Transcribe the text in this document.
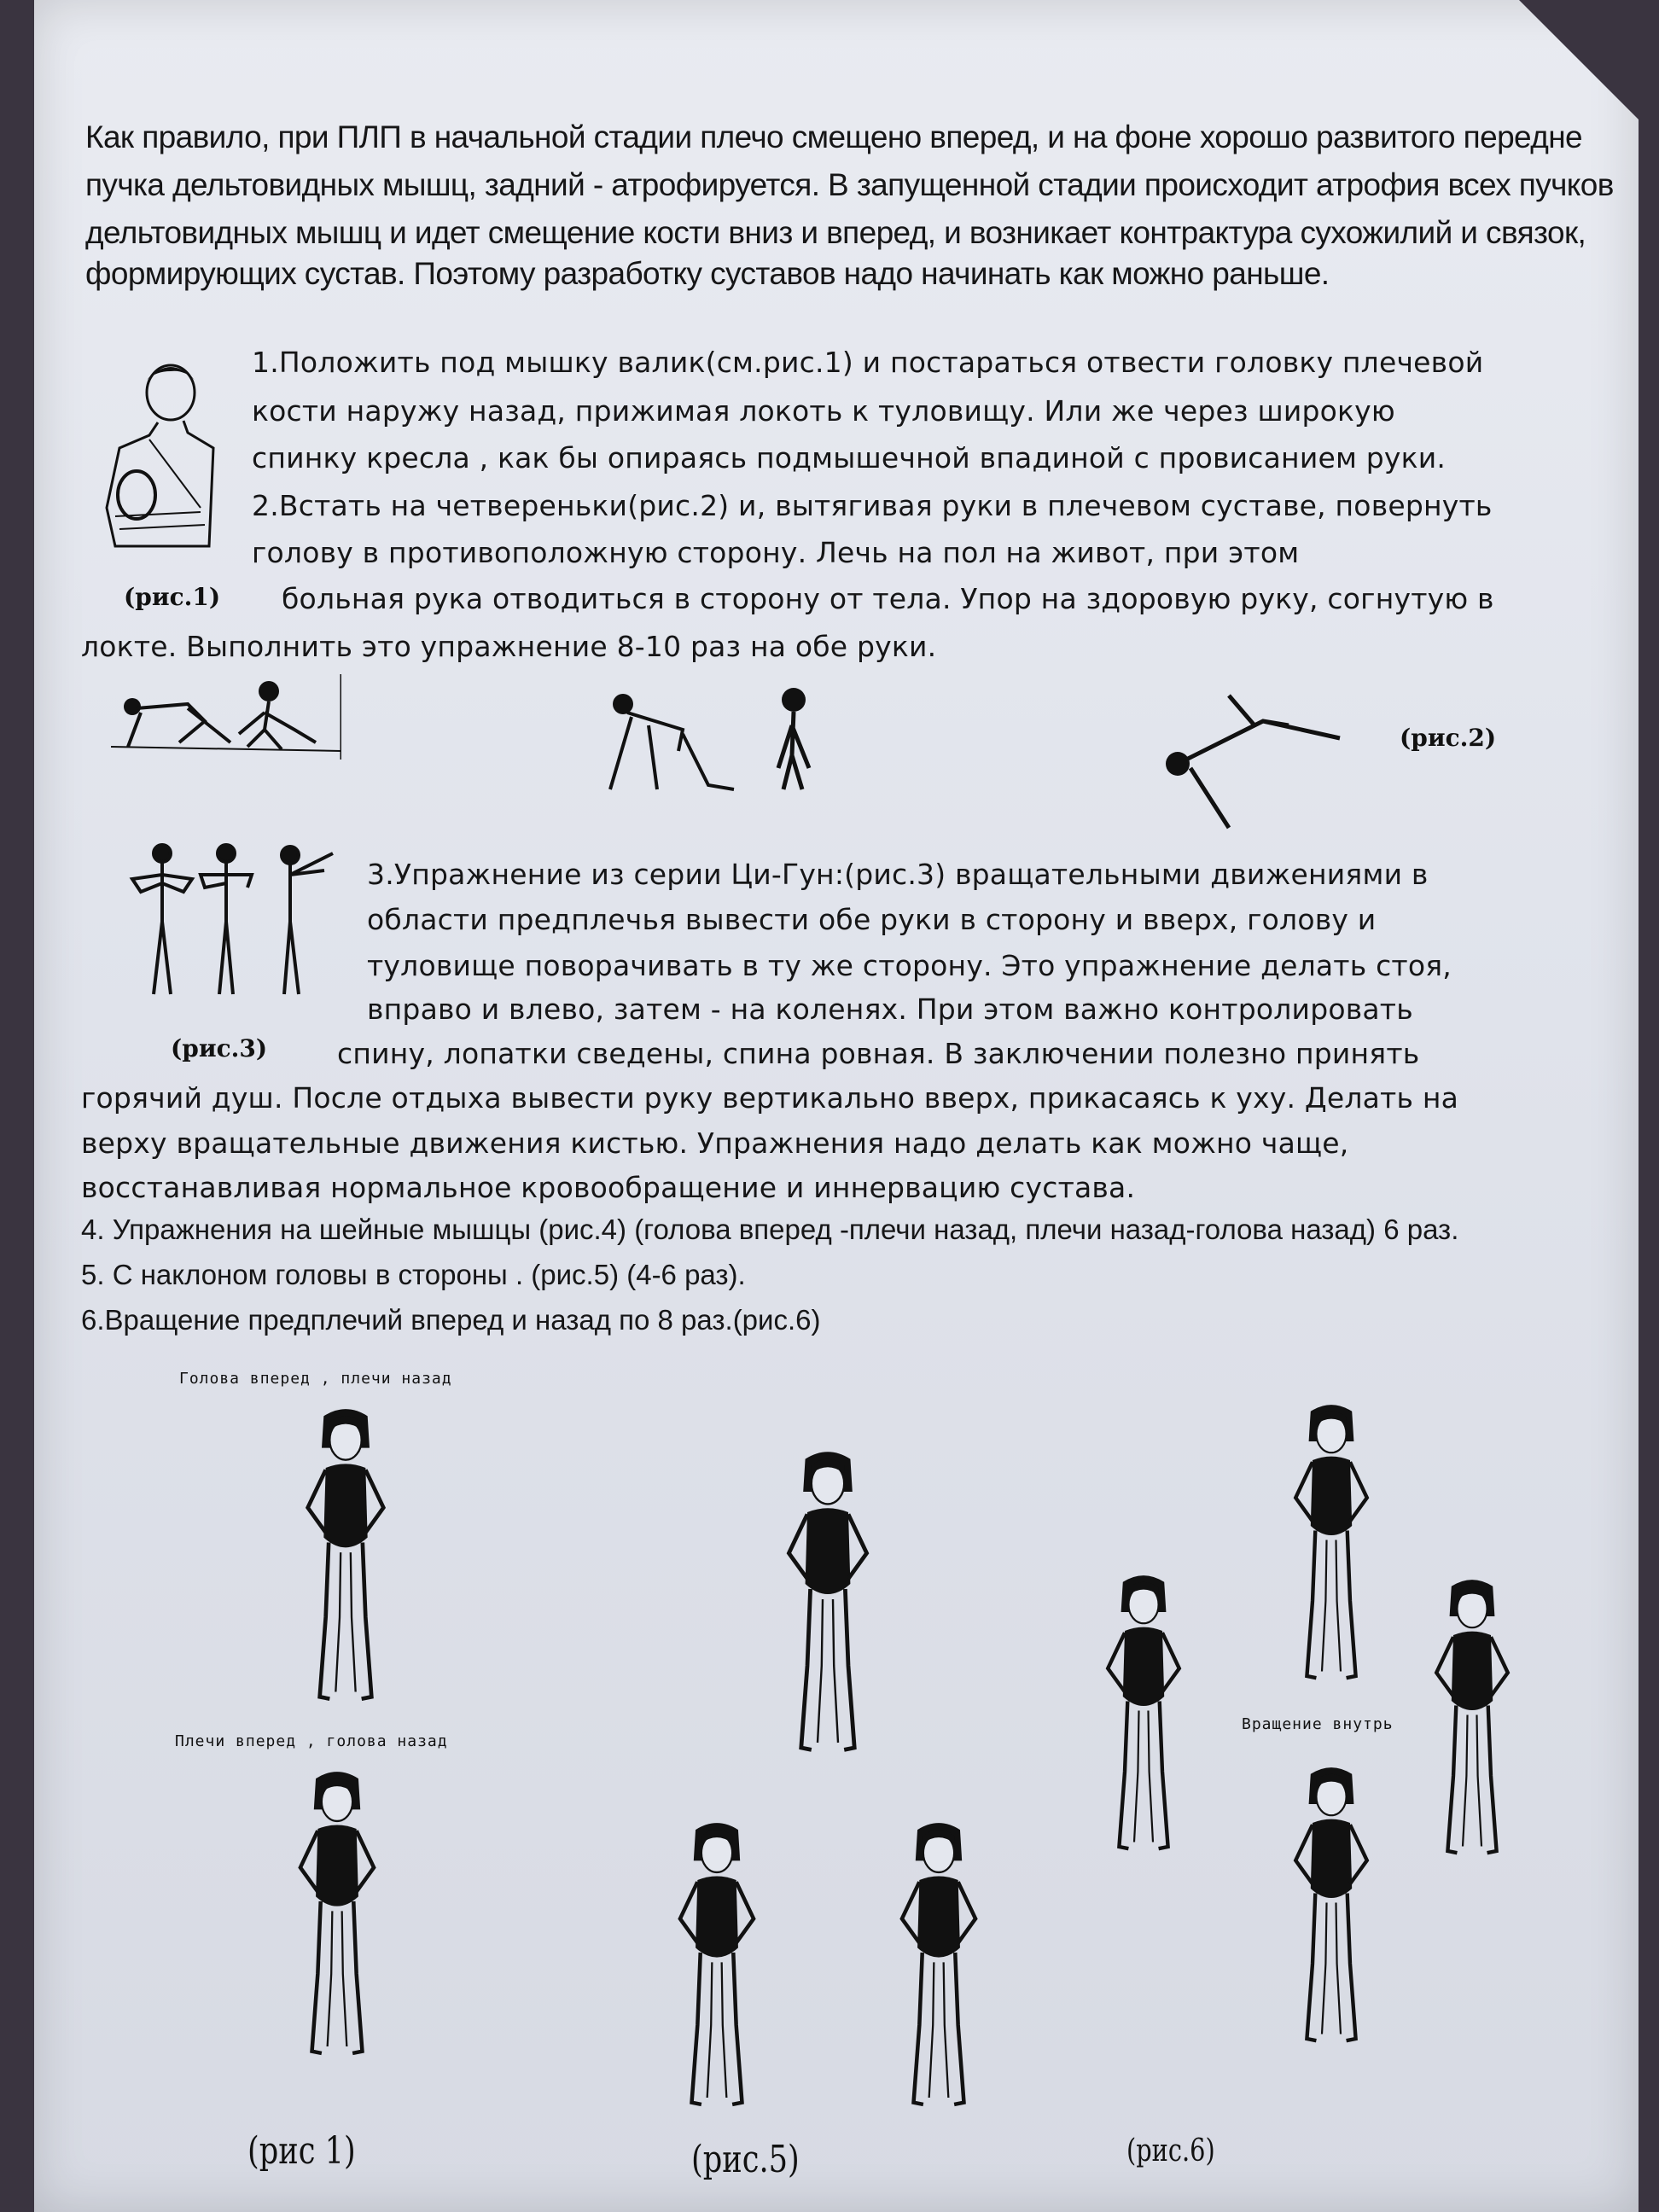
Как правило, при ПЛП в начальной стадии плечо смещено вперед, и на фоне хорошо развитого передне
пучка дельтовидных мышц, задний - атрофируется. В запущенной стадии происходит атрофия всех пучков
дельтовидных мышц и идет смещение кости вниз и вперед, и возникает контрактура сухожилий и связок,
формирующих сустав. Поэтому разработку суставов надо начинать как можно раньше.
1.Положить под мышку валик(см.рис.1) и постараться отвести головку плечевой
кости наружу назад, прижимая локоть к туловищу. Или же через широкую
спинку кресла , как бы опираясь подмышечной впадиной с провисанием руки.
2.Встать на четвереньки(рис.2) и, вытягивая руки в плечевом суставе, повернуть
голову в противоположную сторону. Лечь на пол на живот, при этом
больная рука отводиться в сторону от тела. Упор на здоровую руку, согнутую в
локте. Выполнить это упражнение 8-10 раз на обе руки.
(рис.1)
(рис.2)
3.Упражнение из серии Ци-Гун:(рис.3) вращательными движениями в
области предплечья вывести обе руки в сторону и вверх, голову и
туловище поворачивать в ту же сторону. Это упражнение делать стоя,
вправо и влево, затем - на коленях. При этом важно контролировать
спину, лопатки сведены, спина ровная. В заключении полезно принять
горячий душ. После отдыха вывести руку вертикально вверх, прикасаясь к уху. Делать на
верху вращательные движения кистью. Упражнения надо делать как можно чаще,
восстанавливая нормальное кровообращение и иннервацию сустава.
(рис.3)
4. Упражнения на шейные мышцы (рис.4) (голова вперед -плечи назад, плечи назад-голова назад) 6 раз.
5. С наклоном головы в стороны . (рис.5) (4-6 раз).
6.Вращение предплечий вперед и назад по 8 раз.(рис.6)
Голова вперед , плечи назад
Плечи вперед , голова назад
Вращение внутрь
(рис 1)	(рис.5)	(рис.6)
